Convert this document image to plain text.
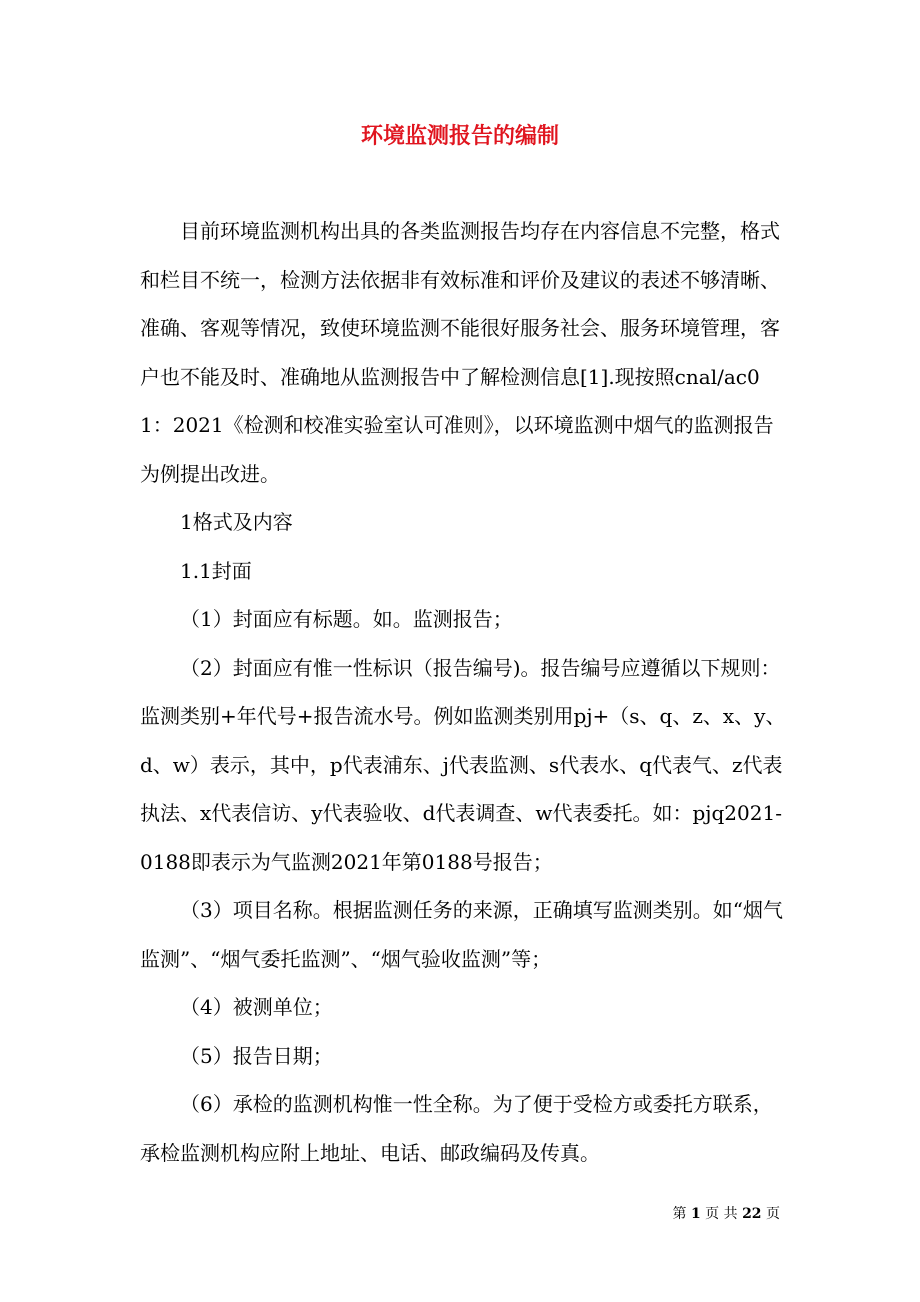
环境监测报告的编制

目前环境监测机构出具的各类监测报告均存在内容信息不完整，格式和栏目不统一，检测方法依据非有效标准和评价及建议的表述不够清晰、准确、客观等情况，致使环境监测不能很好服务社会、服务环境管理，客户也不能及时、准确地从监测报告中了解检测信息[1].现按照cnal/ac01：2021《检测和校准实验室认可准则》，以环境监测中烟气的监测报告为例提出改进。

1格式及内容

1.1封面

（1）封面应有标题。如。监测报告；

（2）封面应有惟一性标识（报告编号)。报告编号应遵循以下规则：监测类别+年代号+报告流水号。例如监测类别用pj+（s、q、z、x、y、d、w）表示，其中，p代表浦东、j代表监测、s代表水、q代表气、z代表执法、x代表信访、y代表验收、d代表调查、w代表委托。如：pjq2021-0188即表示为气监测2021年第0188号报告；

（3）项目名称。根据监测任务的来源，正确填写监测类别。如“烟气监测”、“烟气委托监测”、“烟气验收监测”等；

（4）被测单位；

（5）报告日期；

（6）承检的监测机构惟一性全称。为了便于受检方或委托方联系，承检监测机构应附上地址、电话、邮政编码及传真。

第 1 页 共 22 页
